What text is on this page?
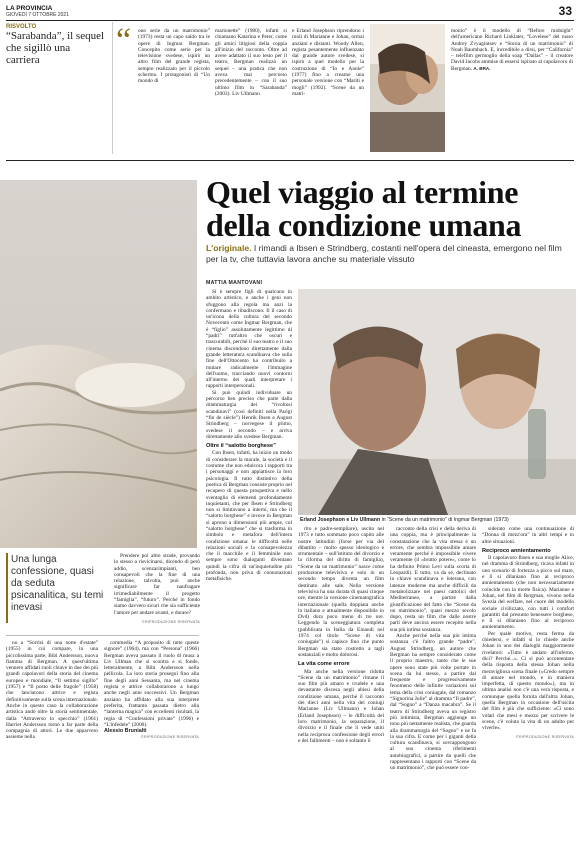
LA PROVINCIA
GIOVEDÌ 7 OTTOBRE 2021	33
RISVOLTO
“Sarabanda”, il sequel che sigillò una carriera
“ ono serie da un matrimonio” (1973) resta un capo saldo tra le opere di Ingmar Bergman. Concepito come serie per la televisione svedese, ispirò un altro film del grande regista, sempre realizzato per il piccolo schermo. I protagonisti di “Un mondo di
marionette” (1980), infatti si chiamano Katarina e Peter, come gli amici litigiosi della coppia all'inizio del racconto. Oltre ad avere adattato il suo testo per il teatro, Bergman realizzò un sequel – una pratica che non aveva mai percorso precedentemente – con il suo ultimo film in “Sarabanda” (2003). Liv Ullmann
e Erland Josephson riprendono i ruoli di Marianne e Johan, ormai anziani e distanti. Woody Allen, regista pesantemente influenzato dal grande autore svedese, si ispirò a quel modello per la costruzione di “Io e Annie” (1977) fino a crearne una personale versione con “Mariti e mogli” (1992). “Scene da un matri-
monio” è il modello di “Before midnight” dell'americano Richard Linklater, “Lovelese” del russo Andrey Zvyagintsev e “Storia di un matrimonio” di Noah Baumbach. E, incredibile a dirsi, per “California” – telefilm germoglio della soap “Dallas” – il creatore David Jacobs ammise di essersi ispirato al capolavoro di Bergman. A. BRA.
Quel viaggio al termine della condizione umana
L'originale. I rimandi a Ibsen e Strindberg, costanti nell'opera del cineasta, emergono nel film per la tv, che tuttavia lavora anche su materiale vissuto
MATTIA MANTOVANI

Si è sempre figli di qualcuno in ambito artistico, e anche i geni non sfuggono alla regola ma anzi la confermano e ribadiscono. Il il caso di un'icona della cultura del secondo Novecento come Ingmar Bergman, che è “figlio” assolutamente legittimo di “padri” tutt'altro che oscuri e trascurabili, perché il suo teatro e il suo cinema discendono direttamente dalla grande letteratura scandinava che sulla fine dell'Ottocento ha contribuito a mutare radicalmente l'immagine dell'uomo, tracciando nuovi contorni all'interno dei quali interpretare i rapporti interpersonali.

Si può quindi individuare un percorso ben preciso che parte dalla drammaturgia dei “rivoltosi scandinavi” (così definiti nella Parigi “fin de siècle”) Henrik Ibsen e August Strindberg – norvegese il primo, svedese il secondo – e arriva direttamente allo svedese Bergman.

Oltre il “salotto borghese”

Con Ibsen, infatti, ha inizio un modo di considerare la morale, la società e il costume che non edulcora i rapporti tra i personaggi e non appiattisce la loro psicologia. Il tutto distintivo della poetica di Bergman consiste proprio nel recupero di questa prospettiva e nello sventaglio di elementi profondamente inquietanti, che per Ibsen e Strindberg non si limitavano a interni, ma che il “salotto borghese” e invece in Bergman si aprono a dimensioni più ampie, col “salotto borghese” che si trasforma in simbolo e metafora dell'intera condizione umana: le difficoltà nelle relazioni sociali e la consapevolezza che il macchile e il femminile non sempre sono dialoganti diventano quindi la cifra di un'inquietudine più profonda, non priva di connotazioni metafisiche.

Erland Josephson e Liv Ullmann in “Scene da un matrimonio” di Ingmar Bergman (1973)

rito e padre-sempliare), uscito nel 1973 e tutto sommato poco capito alle nostre latitudini (forse per via del dibattito – molto spesso ideologico e strumentale – sull'istituto del divorzio e la riforma del diritto di famiglia), “Scene da un matrimonio” nasce come produzione televisiva e solo in un secondo tempo diventa un film destinato alle sale. Nella versione televisiva ha una durata di quasi cinque ore, mentre la versione cinematografica internazionale (quella doppiata anche in italiano e attualmente disponibile in Dvd) dura poco meno di tre ore. Leggendo la sceneggiatura completa (pubblicata in Italia da Einaudi nel 1974 col titolo “Scene di vita coniugale”) si capisce fino che punto Bergman sia stato costretto a tagli sostanziali e molto dolorosi.

La vita come errore

Ma anche nella versione ridotta “Scene da un matrimonio” rimane il suo film più amaro e crudele e una devastante discesa negli abissi della condizione umana, perché il racconto dei dieci anni nella vita dei coniugi Marianne (Liv Ullmann) e Johan (Erland Josephson) – le difficoltà del loro matrimonio, la separazione, il divorzio e il finale che li vede uniti nella reciproca confessione degli errori e dei fallimenti – non è soltanto il

racconto della crisi e della deriva di una coppia, ma è principalmente la constatazione che la vita stessa è un errore, che sembra impossibile amare veramente perché è impossibile vivere veramente (il «brutto potere», come lo ha definito Primo Levi sulla scorta di Leopardi). E tutto, va da sé, declinato in chiave scandinava e luterana, con latenze moderne ma anche difficili da metabolizzare nei paesi cattolici del Mediterraneo, a partire dalla giustificazione del fatto che “Scene da un matrimonio”, quasi mezzo secolo dopo, resta un film che dalle nostre parti deve ancora essere recepito nella sua più intima sostanza.

Anche perché nella sua più intima sostanza c'è l'altro grande “padre”, August Strindberg, un autore che Bergman ha sempre considerato come il proprio maestro, tanto che le sue opere sono state più volte portate in scena da lui stesso, a partire dal frequente e progressivamente fenomeno delle infinite variazioni sul tema della crisi coniugale, dal romanzo “Signorina Julie” al dramma “Il padre”, dal “Sogno” a “Danza macabra”. Se il teatro di Strindberg aveva un registro più intimista, Bergman aggiunge un tono più nettamente realista, che guarda alla drammaturgia del “Sogno” e ne fa la sua cifra. E come per i giganti della cultura scandinava, si sovrappongono al suo cinema riferimenti autobiografici, a partire da quelli che rappresentano i rapporti con “Scene da un matrimonio”, che può essere con-

siderato come una continuazione di “Donna di mezz'ora” in altri tempi e in altre situazioni.

Reciproco annientamento

Il capolavoro Ibsen e sua moglie Alice, nel dramma di Strindberg, ricava infatti in uno scenario di fortezza a picco sul mare, e lì si dilaniano fino al reciproco annientamento (che non necessariamente coincide con la morte fisica). Marianne e Johan, nel film di Bergman, vivono nella Svezia del welfare, nel cuore del modello sociale civilizzato, con tutti i comfort garantiti dal presunto benessere borghese, e lì si dilaniano fino al reciproco annientamento.

Per quale motivo, resta ferma da chiedersi, e infatti si lo chiede anche Johan in uno dei dialoghi maggiormente rivelatori: «Tutto è andato all'inferno, dici? Perché...». Ci si può accontentare della risposta della stessa Johan nella meravigliosa scena finale («Credo sempre di amare nel mondo, e in maniera imperfetta, di questo mondo»), ma in ultima analisi non c'è una vera risposta, e comunque quella fornita dall'altra Johan, quella Bergman in occasione dell'uscita del film è più che sufficiente: «Ci sono volati che mesi e mezzo per scrivere le scene, c'è voluta la vita di un adulto per viverle».

©RIPRODUZIONE RISERVATA
Una lunga confessione, quasi da seduta psicanalitica, su temi inevasi

Prendere poi altre strade, provando lo stesso a risvicinarsi, dicendo di però addio, scenzarimpianti, ben consapevoli che la fine di una relazione, talvolta, può anche significare far naufragare irrimediabilmente il progetto “famiglia”, “futuro”. Perché in fondo siamo davvero sicuri che sia sufficiente l'amore per andare avanti, e durare?

©RIPRODUZIONE RISERVATA

no a “Sorrisi di una notte d'estate” (1955) in cui compare, in una piccolissima parte, Bibi Andersson, nuova fiamma di Bergman. A quest'ultima vennero affidati ruoli chiave in due dei più grandi capolavori della storia del cinema europeo e mondiale, “Il settimo sigillo” (1957) e “Il posto delle fragole” (1958) che lanciarono attrice e regista definitivamente sulla scena internazionale. Anche in questo caso la collaborazione artistica andò oltre la storia sentimentale, dalla “Attraverso lo specchio” (1961) Harriet Andersson tornò a far parte della compagnia di attori. Le due apparvero assieme nella

commedia “A proposito di tutte queste signore” (1964), ma con “Persona” (1966) Bergman aveva passato il ruolo di musa a Liv Ullman che si scontra e si fonde, letteralmente, a Bibi Andersson nella pellicola. La loro storia proseguì fino alla fine degli anni Sessanta, ma nel cinema regista e attrice collaborarono a lungo anche negli anni successivi. Un Bergman anziano ha affidato alla sua interprete preferita, frattanto passata dietro alla “lanterna magica” con eccellenti risultati, la regia di “Confessioni private” (1996) e “L'infedele” (2000).

Alessio Brunialti
©RIPRODUZIONE RISERVATA
